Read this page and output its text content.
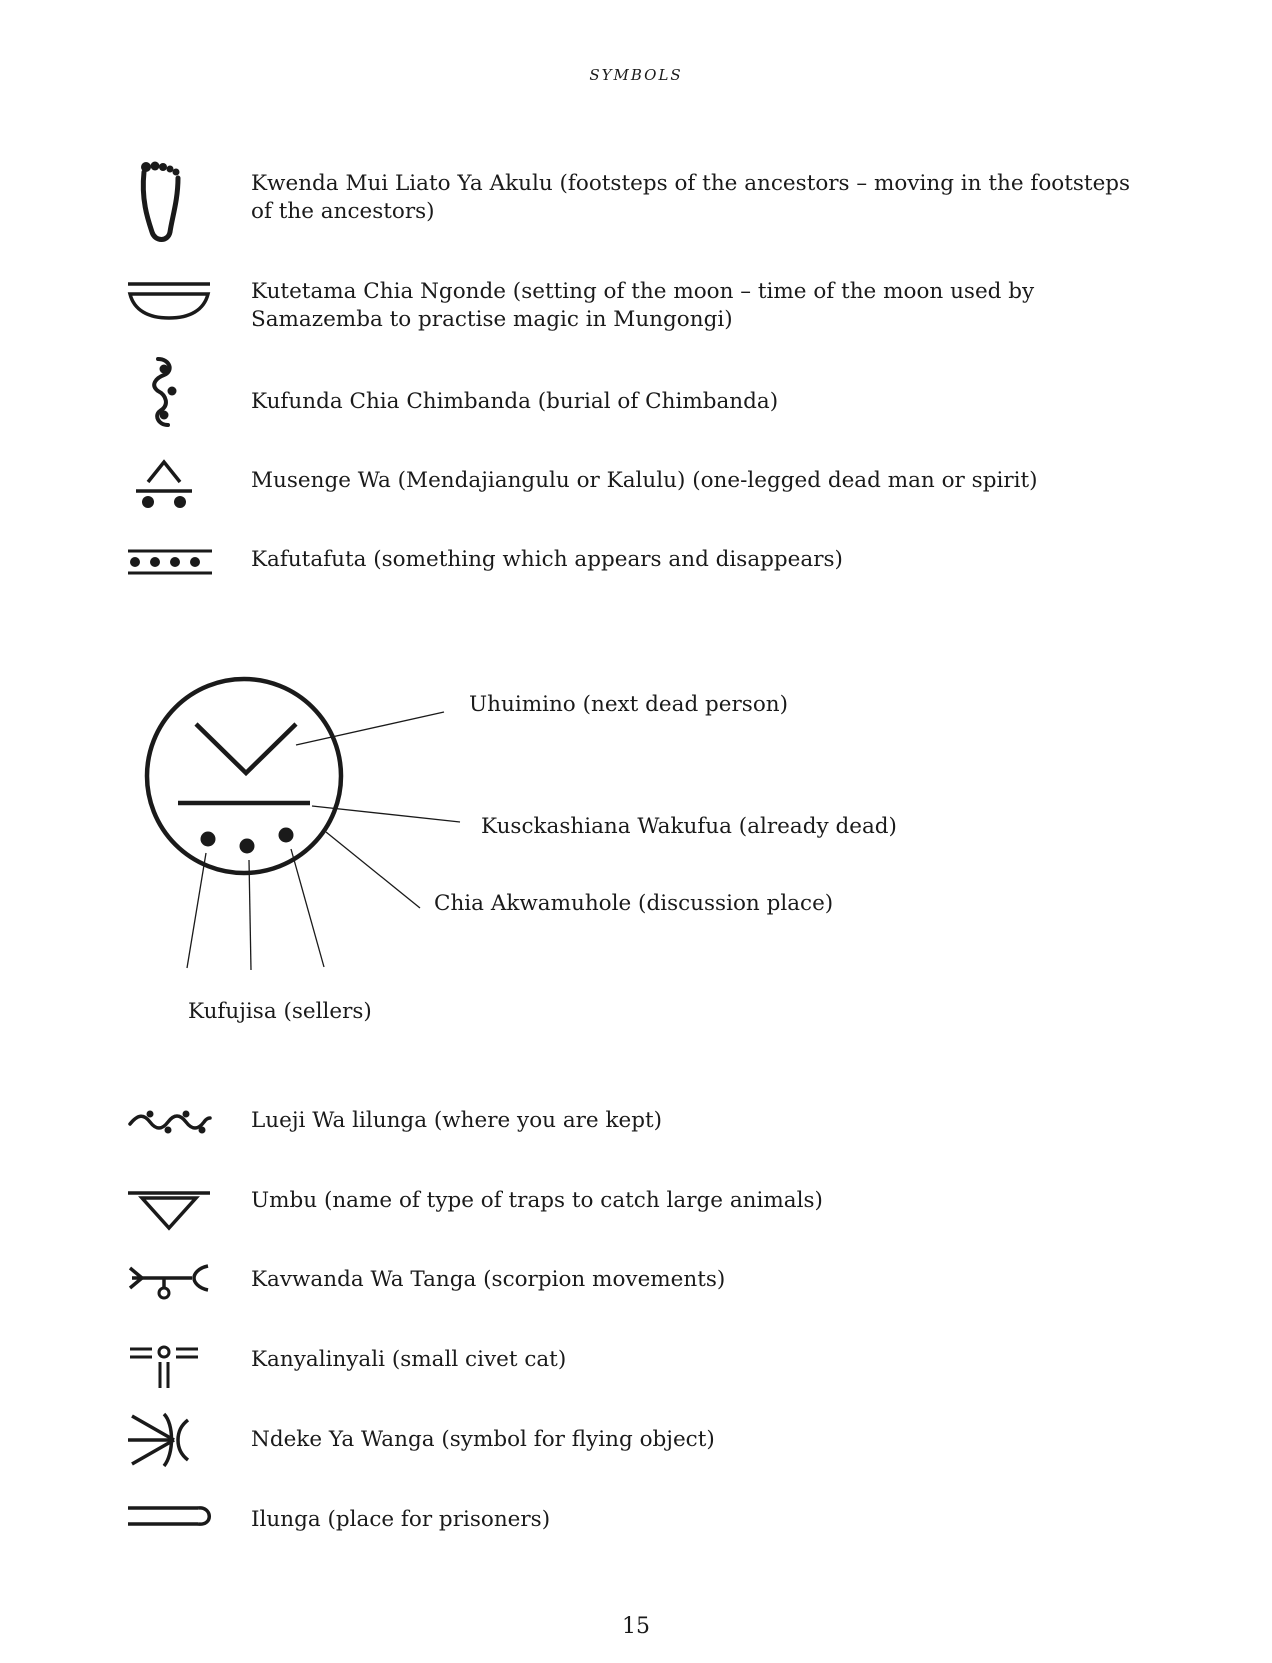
SYMBOLS
Kwenda Mui Liato Ya Akulu (footsteps of the ancestors – moving in the footsteps of the ancestors)
Kutetama Chia Ngonde (setting of the moon – time of the moon used by Samazemba to practise magic in Mungongi)
Kufunda Chia Chimbanda (burial of Chimbanda)
Musenge Wa (Mendajiangulu or Kalulu) (one-legged dead man or spirit)
Kafutafuta (something which appears and disappears)
Uhuimino (next dead person)
Kusckashiana Wakufua (already dead)
Chia Akwamuhole (discussion place)
Kufujisa (sellers)
Lueji Wa lilunga (where you are kept)
Umbu (name of type of traps to catch large animals)
Kavwanda Wa Tanga (scorpion movements)
Kanyalinyali (small civet cat)
Ndeke Ya Wanga (symbol for flying object)
Ilunga (place for prisoners)
15
